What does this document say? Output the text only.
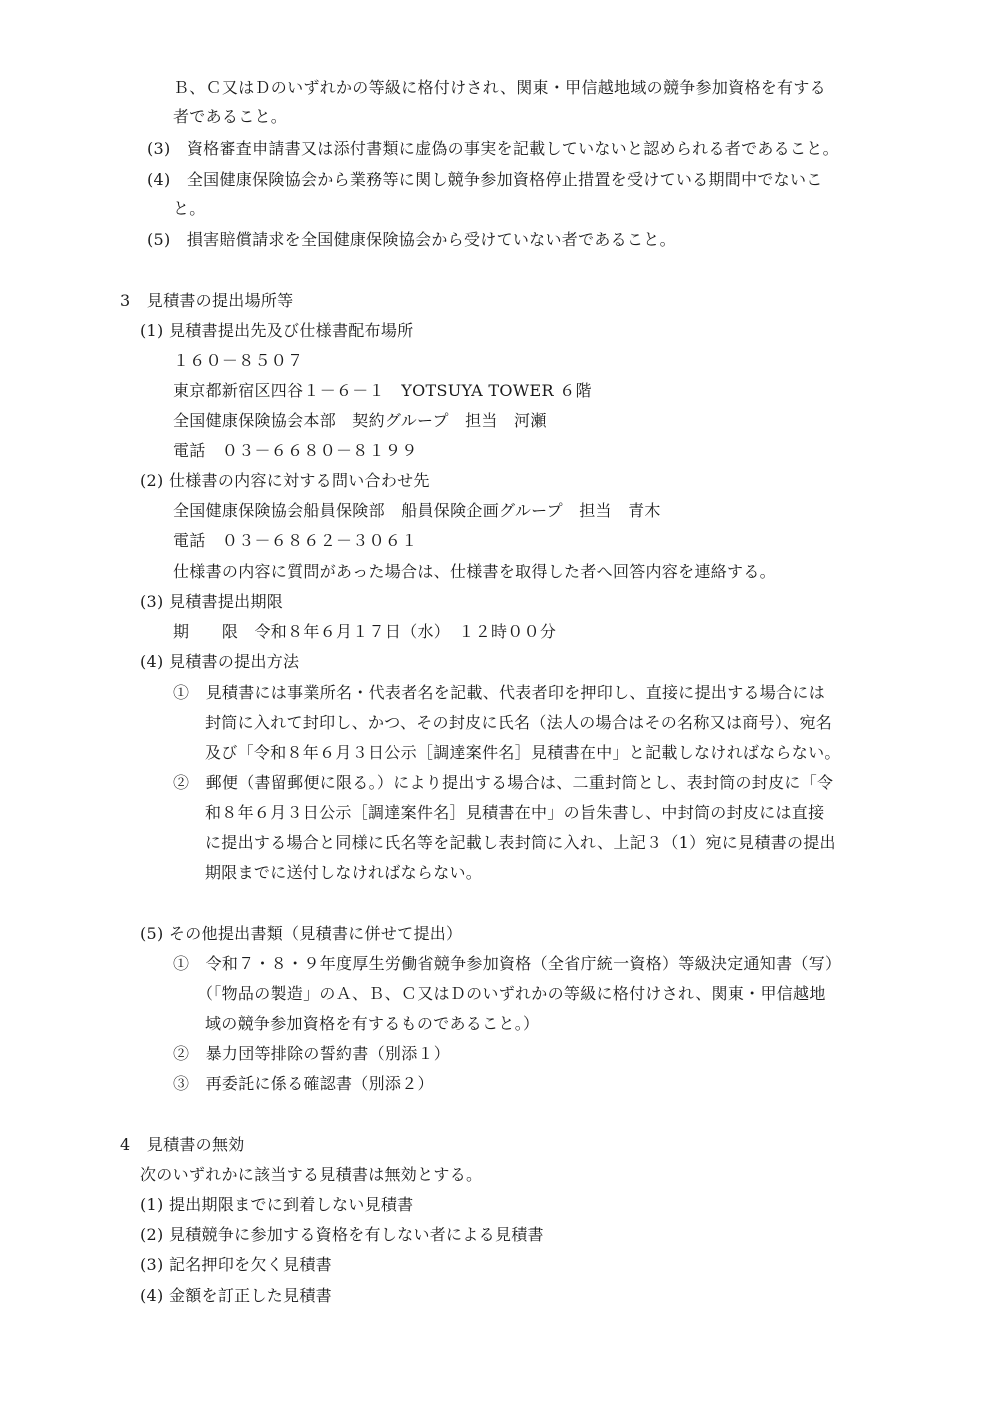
Ｂ、Ｃ又はＤのいずれかの等級に格付けされ、関東・甲信越地域の競争参加資格を有する
者であること。
(3)　資格審査申請書又は添付書類に虚偽の事実を記載していないと認められる者であること。
(4)　全国健康保険協会から業務等に関し競争参加資格停止措置を受けている期間中でないこ
と。
(5)　損害賠償請求を全国健康保険協会から受けていない者であること。
3　見積書の提出場所等
(1) 見積書提出先及び仕様書配布場所
１６０－８５０７
東京都新宿区四谷１－６－１　YOTSUYA TOWER ６階
全国健康保険協会本部　契約グループ　担当　河瀬
電話　０３－６６８０－８１９９
(2) 仕様書の内容に対する問い合わせ先
全国健康保険協会船員保険部　船員保険企画グループ　担当　青木
電話　０３－６８６２－３０６１
仕様書の内容に質問があった場合は、仕様書を取得した者へ回答内容を連絡する。
(3) 見積書提出期限
期　　限　令和８年６月１７日（水）　１２時００分
(4) 見積書の提出方法
①　見積書には事業所名・代表者名を記載、代表者印を押印し、直接に提出する場合には
封筒に入れて封印し、かつ、その封皮に氏名（法人の場合はその名称又は商号）、宛名
及び「令和８年６月３日公示［調達案件名］見積書在中」と記載しなければならない。
②　郵便（書留郵便に限る。）により提出する場合は、二重封筒とし、表封筒の封皮に「令
和８年６月３日公示［調達案件名］見積書在中」の旨朱書し、中封筒の封皮には直接
に提出する場合と同様に氏名等を記載し表封筒に入れ、上記３（1）宛に見積書の提出
期限までに送付しなければならない。
(5) その他提出書類（見積書に併せて提出）
①　令和７・８・９年度厚生労働省競争参加資格（全省庁統一資格）等級決定通知書（写）
（「物品の製造」のＡ、Ｂ、Ｃ又はＤのいずれかの等級に格付けされ、関東・甲信越地
域の競争参加資格を有するものであること。）
②　暴力団等排除の誓約書（別添１）
③　再委託に係る確認書（別添２）
4　見積書の無効
次のいずれかに該当する見積書は無効とする。
(1) 提出期限までに到着しない見積書
(2) 見積競争に参加する資格を有しない者による見積書
(3) 記名押印を欠く見積書
(4) 金額を訂正した見積書
